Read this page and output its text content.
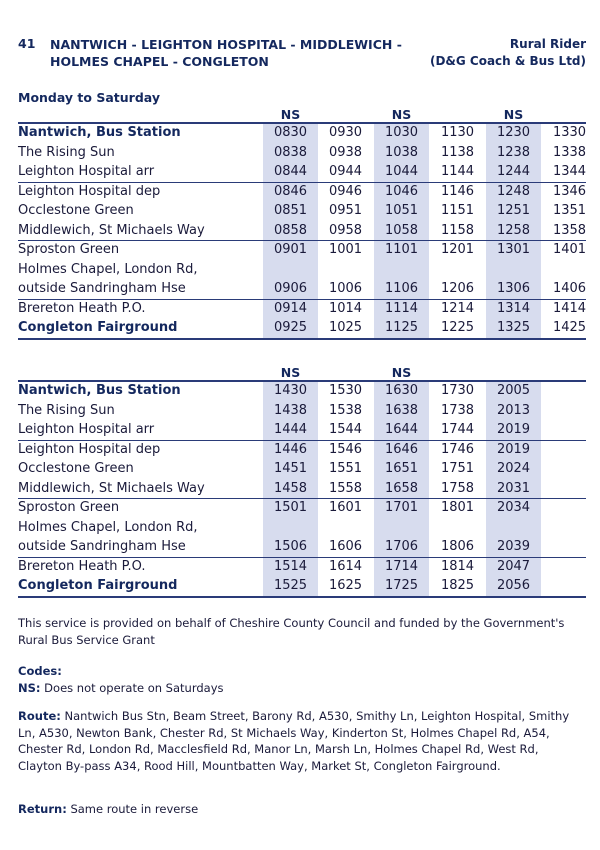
41 NANTWICH - LEIGHTON HOSPITAL - MIDDLEWICH -
HOLMES CHAPEL - CONGLETON
Rural Rider
(D&G Coach & Bus Ltd)
Monday to Saturday
NS	NS	NS
Nantwich, Bus Station	0830	0930	1030	1130	1230	1330
The Rising Sun	0838	0938	1038	1138	1238	1338
Leighton Hospital arr	0844	0944	1044	1144	1244	1344
Leighton Hospital dep	0846	0946	1046	1146	1248	1346
Occlestone Green	0851	0951	1051	1151	1251	1351
Middlewich, St Michaels Way	0858	0958	1058	1158	1258	1358
Sproston Green	0901	1001	1101	1201	1301	1401
Holmes Chapel, London Rd,
outside Sandringham Hse	0906	1006	1106	1206	1306	1406
Brereton Heath P.O.	0914	1014	1114	1214	1314	1414
Congleton Fairground	0925	1025	1125	1225	1325	1425
NS	NS
Nantwich, Bus Station	1430	1530	1630	1730	2005
The Rising Sun	1438	1538	1638	1738	2013
Leighton Hospital arr	1444	1544	1644	1744	2019
Leighton Hospital dep	1446	1546	1646	1746	2019
Occlestone Green	1451	1551	1651	1751	2024
Middlewich, St Michaels Way	1458	1558	1658	1758	2031
Sproston Green	1501	1601	1701	1801	2034
Holmes Chapel, London Rd,
outside Sandringham Hse	1506	1606	1706	1806	2039
Brereton Heath P.O.	1514	1614	1714	1814	2047
Congleton Fairground	1525	1625	1725	1825	2056
This service is provided on behalf of Cheshire County Council and funded by the Government's Rural Bus Service Grant
Codes:
NS: Does not operate on Saturdays
Route: Nantwich Bus Stn, Beam Street, Barony Rd, A530, Smithy Ln, Leighton Hospital, Smithy Ln, A530, Newton Bank, Chester Rd, St Michaels Way, Kinderton St, Holmes Chapel Rd, A54, Chester Rd, London Rd, Macclesfield Rd, Manor Ln, Marsh Ln, Holmes Chapel Rd, West Rd, Clayton By-pass A34, Rood Hill, Mountbatten Way, Market St, Congleton Fairground.
Return: Same route in reverse
